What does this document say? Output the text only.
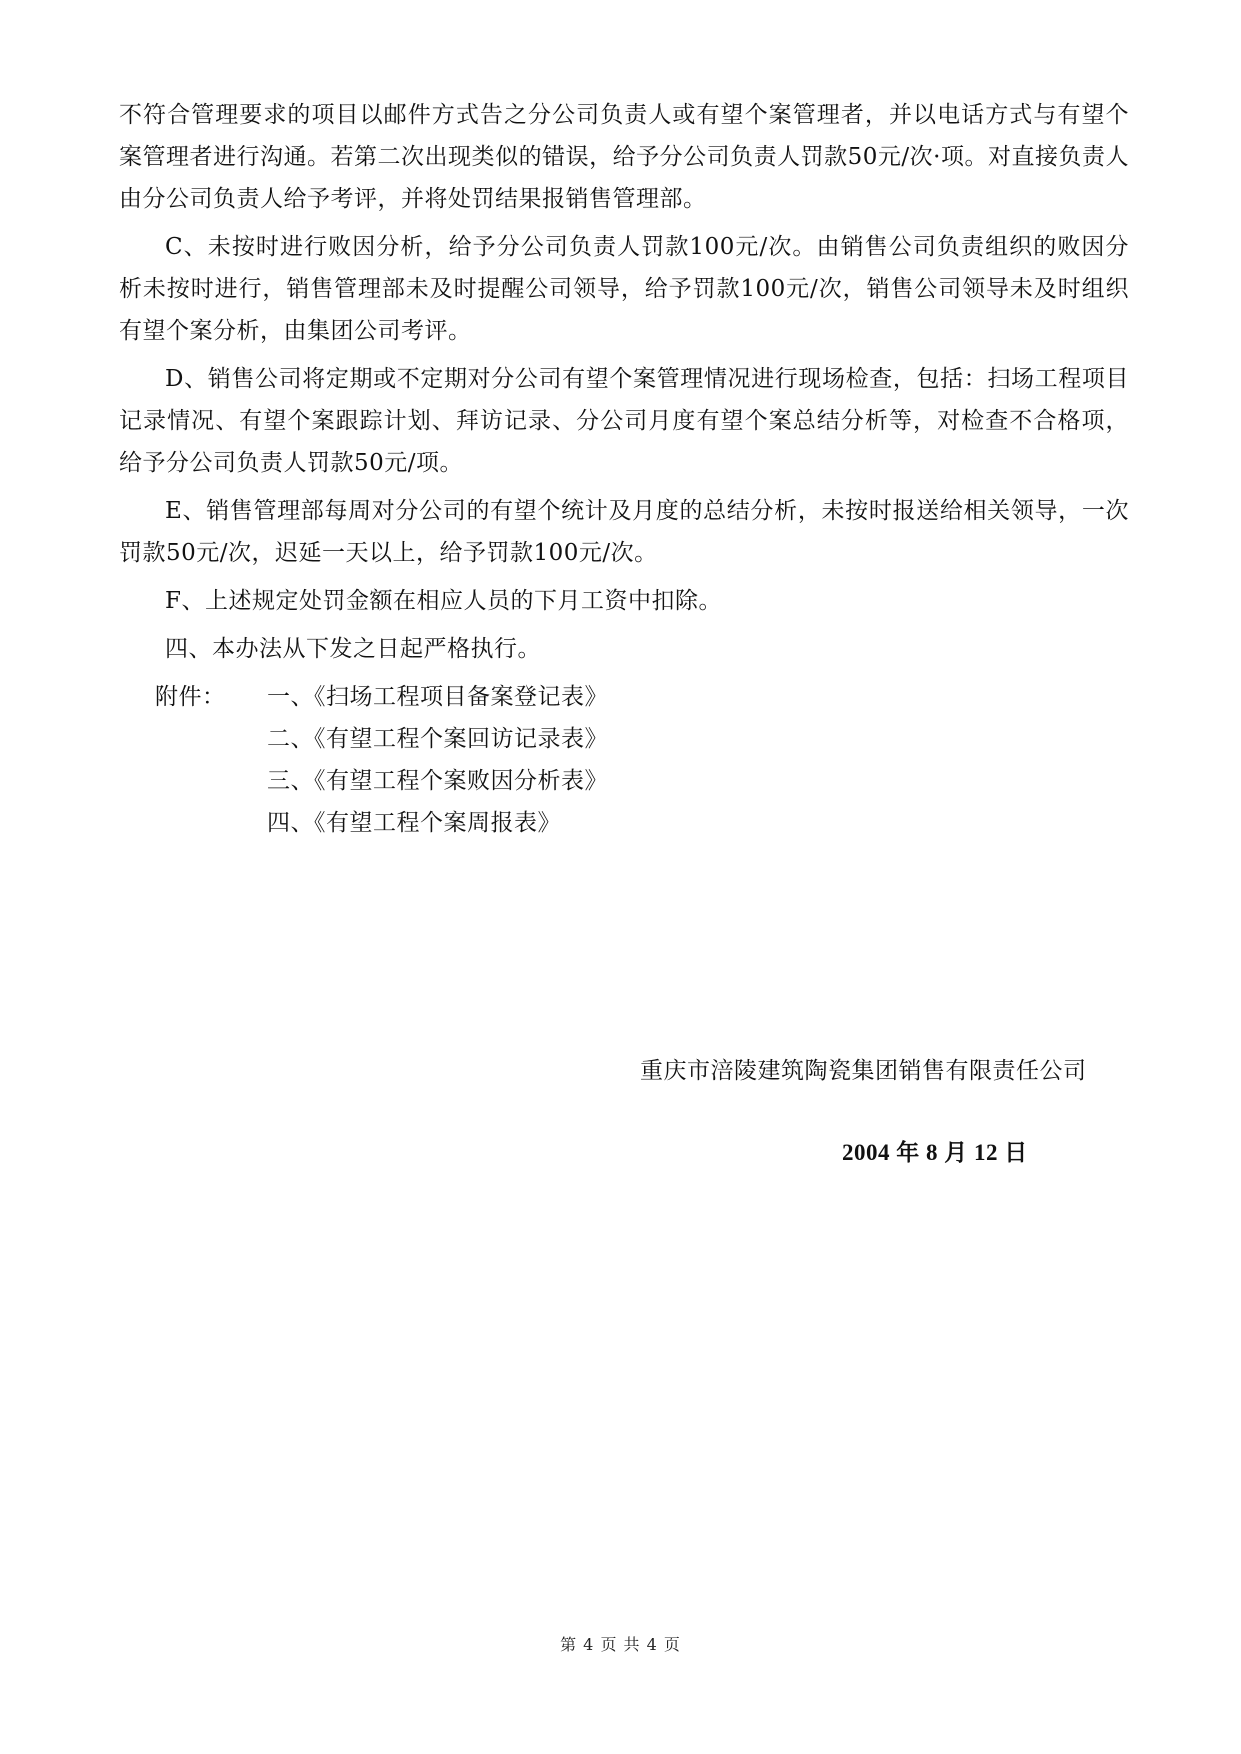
不符合管理要求的项目以邮件方式告之分公司负责人或有望个案管理者，并以电话方式与有望个案管理者进行沟通。若第二次出现类似的错误，给予分公司负责人罚款50元/次·项。对直接负责人由分公司负责人给予考评，并将处罚结果报销售管理部。

C、未按时进行败因分析，给予分公司负责人罚款100元/次。由销售公司负责组织的败因分析未按时进行，销售管理部未及时提醒公司领导，给予罚款100元/次，销售公司领导未及时组织有望个案分析，由集团公司考评。

D、销售公司将定期或不定期对分公司有望个案管理情况进行现场检查，包括：扫场工程项目记录情况、有望个案跟踪计划、拜访记录、分公司月度有望个案总结分析等，对检查不合格项，给予分公司负责人罚款50元/项。

E、销售管理部每周对分公司的有望个统计及月度的总结分析，未按时报送给相关领导，一次罚款50元/次，迟延一天以上，给予罚款100元/次。

F、上述规定处罚金额在相应人员的下月工资中扣除。

四、本办法从下发之日起严格执行。

附件：	一、《扫场工程项目备案登记表》
二、《有望工程个案回访记录表》
三、《有望工程个案败因分析表》
四、《有望工程个案周报表》
重庆市涪陵建筑陶瓷集团销售有限责任公司
2004 年 8 月 12 日
第 4 页 共 4 页
